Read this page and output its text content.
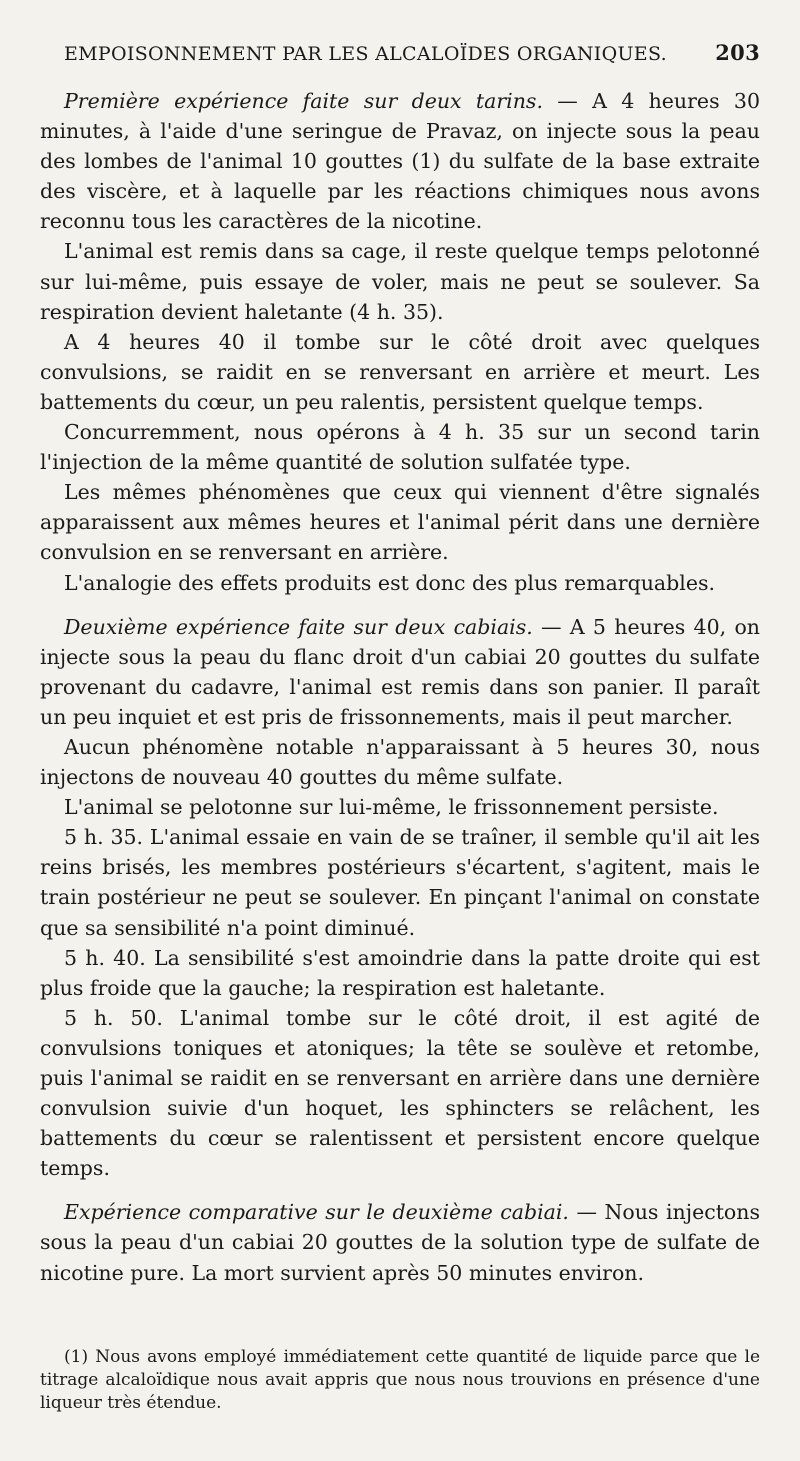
EMPOISONNEMENT PAR LES ALCALOÏDES ORGANIQUES. 203

Première expérience faite sur deux tarins. — A 4 heures 30 minutes, à l'aide d'une seringue de Pravaz, on injecte sous la peau des lombes de l'animal 10 gouttes (1) du sulfate de la base extraite des viscère, et à laquelle par les réactions chimiques nous avons reconnu tous les caractères de la nicotine.

L'animal est remis dans sa cage, il reste quelque temps pelotonné sur lui-même, puis essaye de voler, mais ne peut se soulever. Sa respiration devient haletante (4 h. 35).

A 4 heures 40 il tombe sur le côté droit avec quelques convulsions, se raidit en se renversant en arrière et meurt. Les battements du cœur, un peu ralentis, persistent quelque temps.

Concurremment, nous opérons à 4 h. 35 sur un second tarin l'injection de la même quantité de solution sulfatée type.

Les mêmes phénomènes que ceux qui viennent d'être signalés apparaissent aux mêmes heures et l'animal périt dans une dernière convulsion en se renversant en arrière.

L'analogie des effets produits est donc des plus remarquables.

Deuxième expérience faite sur deux cabiais. — A 5 heures 40, on injecte sous la peau du flanc droit d'un cabiai 20 gouttes du sulfate provenant du cadavre, l'animal est remis dans son panier. Il paraît un peu inquiet et est pris de frissonnements, mais il peut marcher.

Aucun phénomène notable n'apparaissant à 5 heures 30, nous injectons de nouveau 40 gouttes du même sulfate.

L'animal se pelotonne sur lui-même, le frissonnement persiste.

5 h. 35. L'animal essaie en vain de se traîner, il semble qu'il ait les reins brisés, les membres postérieurs s'écartent, s'agitent, mais le train postérieur ne peut se soulever. En pinçant l'animal on constate que sa sensibilité n'a point diminué.

5 h. 40. La sensibilité s'est amoindrie dans la patte droite qui est plus froide que la gauche; la respiration est haletante.

5 h. 50. L'animal tombe sur le côté droit, il est agité de convulsions toniques et atoniques; la tête se soulève et retombe, puis l'animal se raidit en se renversant en arrière dans une dernière convulsion suivie d'un hoquet, les sphincters se relâchent, les battements du cœur se ralentissent et persistent encore quelque temps.

Expérience comparative sur le deuxième cabiai. — Nous injectons sous la peau d'un cabiai 20 gouttes de la solution type de sulfate de nicotine pure. La mort survient après 50 minutes environ.

(1) Nous avons employé immédiatement cette quantité de liquide parce que le titrage alcaloïdique nous avait appris que nous nous trouvions en présence d'une liqueur très étendue.
